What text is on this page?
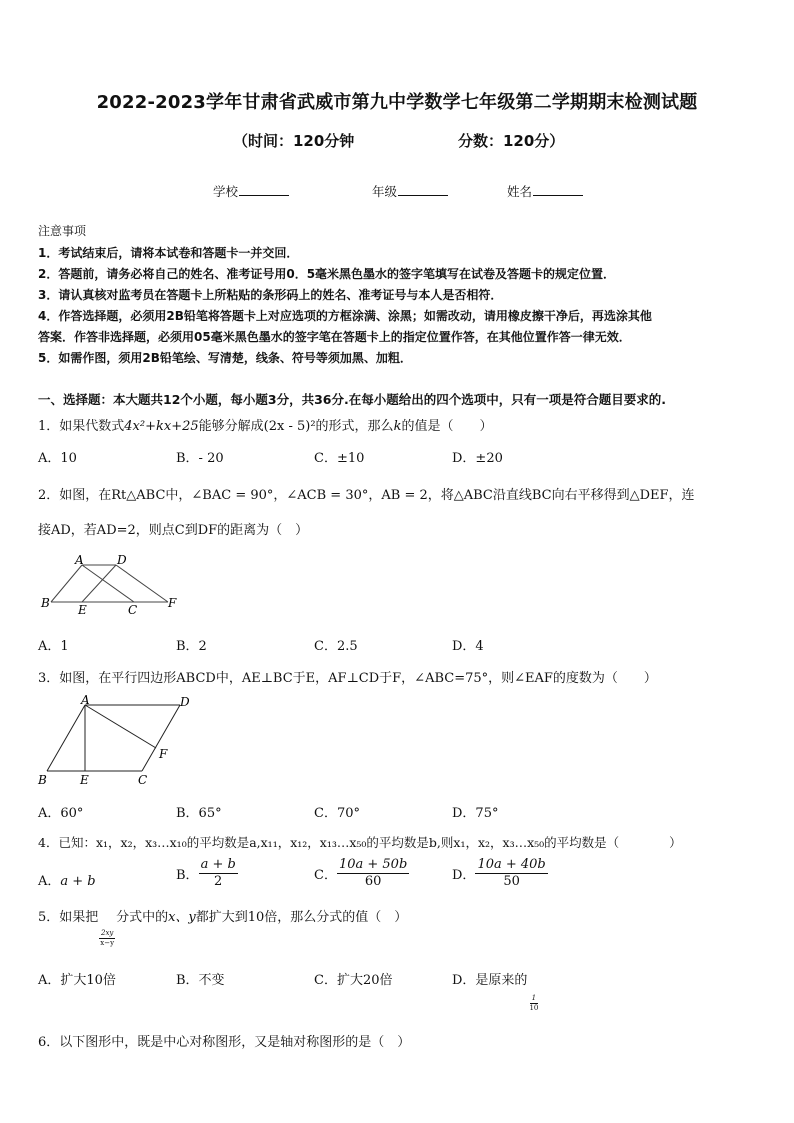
2022-2023学年甘肃省武威市第九中学数学七年级第二学期期末检测试题
（时间：120分钟	分数：120分）
学校	年级	姓名
注意事项
1．考试结束后，请将本试卷和答题卡一并交回．
2．答题前，请务必将自己的姓名、准考证号用0．5毫米黑色墨水的签字笔填写在试卷及答题卡的规定位置．
3．请认真核对监考员在答题卡上所粘贴的条形码上的姓名、准考证号与本人是否相符．
4．作答选择题，必须用2B铅笔将答题卡上对应选项的方框涂满、涂黑；如需改动，请用橡皮擦干净后，再选涂其他
答案．作答非选择题，必须用05毫米黑色墨水的签字笔在答题卡上的指定位置作答，在其他位置作答一律无效．
5．如需作图，须用2B铅笔绘、写清楚，线条、符号等须加黑、加粗．
一、选择题：本大题共12个小题，每小题3分，共36分.在每小题给出的四个选项中，只有一项是符合题目要求的.
1．如果代数式4x²+kx+25能够分解成(2x - 5)²的形式，那么k的值是（　　）
A．10	B．- 20	C．±10	D．±20
2．如图，在Rt△ABC中，∠BAC = 90°，∠ACB = 30°，AB = 2，将△ABC沿直线BC向右平移得到△DEF，连
接AD，若AD=2，则点C到DF的距离为（　）
A	D
B E	C	F
A．1	B．2	C．2.5	D．4
3．如图，在平行四边形ABCD中，AE⊥BC于E，AF⊥CD于F，∠ABC=75°，则∠EAF的度数为（　　）
A	D
F
B	E	C
A．60°	B．65°	C．70°	D．75°
4．已知：x₁，x₂，x₃…x₁₀的平均数是a,x₁₁，x₁₂，x₁₃…x₅₀的平均数是b,则x₁，x₂，x₃…x₅₀的平均数是（　　　　）
A．a + b	B． $\frac{a + b}{2}$	C． $\frac{10a + 50b}{60}$	D． $\frac{10a + 40b}{50}$
5．如果把
$\frac{2xy}{x-y}$
分式中的x、y都扩大到10倍，那么分式的值（　）
A．扩大10倍	B．不变	C．扩大20倍	D．是原来的
$\frac{1}{10}$
6．以下图形中，既是中心对称图形，又是轴对称图形的是（　）
